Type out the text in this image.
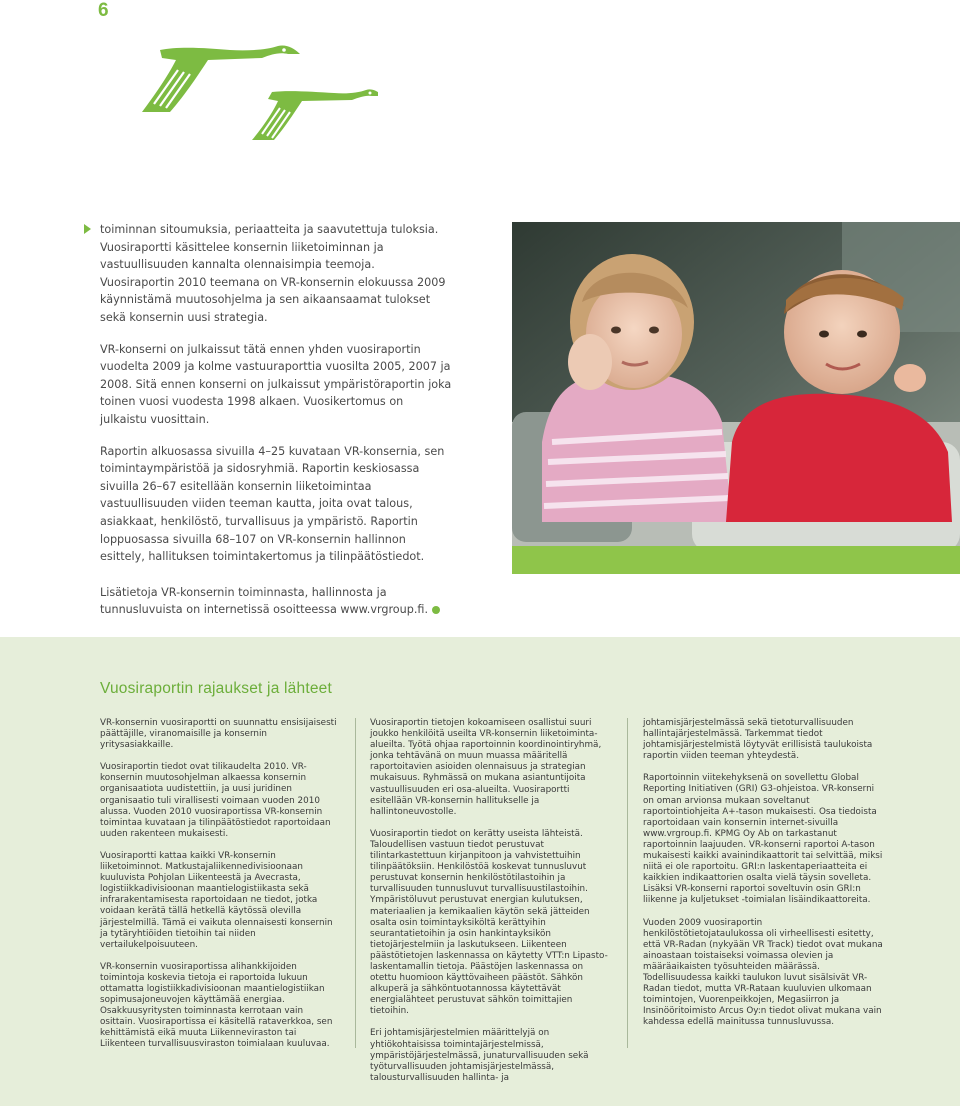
6

toiminnan sitoumuksia, periaatteita ja saavutettuja tuloksia. Vuosiraportti käsittelee konsernin liiketoiminnan ja vastuullisuuden kannalta olennaisimpia teemoja. Vuosiraportin 2010 teemana on VR-konsernin elokuussa 2009 käynnistämä muutosohjelma ja sen aikaansaamat tulokset sekä konsernin uusi strategia.

VR-konserni on julkaissut tätä ennen yhden vuosiraportin vuodelta 2009 ja kolme vastuuraporttia vuosilta 2005, 2007 ja 2008. Sitä ennen konserni on julkaissut ympäristöraportin joka toinen vuosi vuodesta 1998 alkaen. Vuosikertomus on julkaistu vuosittain.

Raportin alkuosassa sivuilla 4–25 kuvataan VR-konsernia, sen toimintaympäristöä ja sidosryhmiä. Raportin keskiosassa sivuilla 26–67 esitellään konsernin liiketoimintaa vastuullisuuden viiden teeman kautta, joita ovat talous, asiakkaat, henkilöstö, turvallisuus ja ympäristö. Raportin loppuosassa sivuilla 68–107 on VR-konsernin hallinnon esittely, hallituksen toimintakertomus ja tilinpäätöstiedot.

Lisätietoja VR-konsernin toiminnasta, hallinnosta ja tunnusluvuista on internetissä osoitteessa www.vrgroup.fi.

Vuosiraportin rajaukset ja lähteet

VR-konsernin vuosiraportti on suunnattu ensisijaisesti päättäjille, viranomaisille ja konsernin yritysasiakkaille.

Vuosiraportin tiedot ovat tilikaudelta 2010. VR-konsernin muutosohjelman alkaessa konsernin organisaatiota uudistettiin, ja uusi juridinen organisaatio tuli virallisesti voimaan vuoden 2010 alussa. Vuoden 2010 vuosiraportissa VR-konsernin toimintaa kuvataan ja tilinpäätöstiedot raportoidaan uuden rakenteen mukaisesti.

Vuosiraportti kattaa kaikki VR-konsernin liiketoiminnot. Matkustajaliikennedivisioonaan kuuluvista Pohjolan Liikenteestä ja Avecrasta, logistiikkadivisioonan maantielogistiikasta sekä infrarakentamisesta raportoidaan ne tiedot, jotka voidaan kerätä tällä hetkellä käytössä olevilla järjestelmillä. Tämä ei vaikuta olennaisesti konsernin ja tytäryhtiöiden tietoihin tai niiden vertailukelpoisuuteen.

VR-konsernin vuosiraportissa alihankkijoiden toimintoja koskevia tietoja ei raportoida lukuun ottamatta logistiikkadivisioonan maantielogistiikan sopimusajoneuvojen käyttämää energiaa. Osakkuusyritysten toiminnasta kerrotaan vain osittain. Vuosiraportissa ei käsitellä rataverkkoa, sen kehittämistä eikä muuta Liikenneviraston tai Liikenteen turvallisuusviraston toimialaan kuuluvaa.

Vuosiraportin tietojen kokoamiseen osallistui suuri joukko henkilöitä useilta VR-konsernin liiketoiminta-alueilta. Työtä ohjaa raportoinnin koordinointiryhmä, jonka tehtävänä on muun muassa määritellä raportoitavien asioiden olennaisuus ja strategian mukaisuus. Ryhmässä on mukana asiantuntijoita vastuullisuuden eri osa-alueilta. Vuosiraportti esitellään VR-konsernin hallitukselle ja hallintoneuvostolle.

Vuosiraportin tiedot on kerätty useista lähteistä. Taloudellisen vastuun tiedot perustuvat tilintarkastettuun kirjanpitoon ja vahvistettuihin tilinpäätöksiin. Henkilöstöä koskevat tunnusluvut perustuvat konsernin henkilöstötilastoihin ja turvallisuuden tunnusluvut turvallisuustilastoihin. Ympäristöluvut perustuvat energian kulutuksen, materiaalien ja kemikaalien käytön sekä jätteiden osalta osin toimintayksiköltä kerättyihin seurantatietoihin ja osin hankintayksikön tietojärjestelmiin ja laskutukseen. Liikenteen päästötietojen laskennassa on käytetty VTT:n Lipasto-laskentamallin tietoja. Päästöjen laskennassa on otettu huomioon käyttövaiheen päästöt. Sähkön alkuperä ja sähköntuotannossa käytettävät energialähteet perustuvat sähkön toimittajien tietoihin.

Eri johtamisjärjestelmien määrittelyjä on yhtiökohtaisissa toimintajärjestelmissä, ympäristöjärjestelmässä, junaturvallisuuden sekä työturvallisuuden johtamisjärjestelmässä, talousturvallisuuden hallinta- ja

johtamisjärjestelmässä sekä tietoturvallisuuden hallintajärjestelmässä. Tarkemmat tiedot johtamisjärjestelmistä löytyvät erillisistä taulukoista raportin viiden teeman yhteydestä.

Raportoinnin viitekehyksenä on sovellettu Global Reporting Initiativen (GRI) G3-ohjeistoa. VR-konserni on oman arvionsa mukaan soveltanut raportointiohjeita A+-tason mukaisesti. Osa tiedoista raportoidaan vain konsernin internet-sivuilla www.vrgroup.fi. KPMG Oy Ab on tarkastanut raportoinnin laajuuden. VR-konserni raportoi A-tason mukaisesti kaikki avainindikaattorit tai selvittää, miksi niitä ei ole raportoitu. GRI:n laskentaperiaatteita ei kaikkien indikaattorien osalta vielä täysin sovelleta. Lisäksi VR-konserni raportoi soveltuvin osin GRI:n liikenne ja kuljetukset -toimialan lisäindikaattoreita.

Vuoden 2009 vuosiraportin henkilöstötietojataulukossa oli virheellisesti esitetty, että VR-Radan (nykyään VR Track) tiedot ovat mukana ainoastaan toistaiseksi voimassa olevien ja määräaikaisten työsuhteiden määrässä. Todellisuudessa kaikki taulukon luvut sisälsivät VR-Radan tiedot, mutta VR-Rataan kuuluvien ulkomaan toimintojen, Vuorenpeikkojen, Megasiirron ja Insinööritoimisto Arcus Oy:n tiedot olivat mukana vain kahdessa edellä mainitussa tunnusluvussa.
